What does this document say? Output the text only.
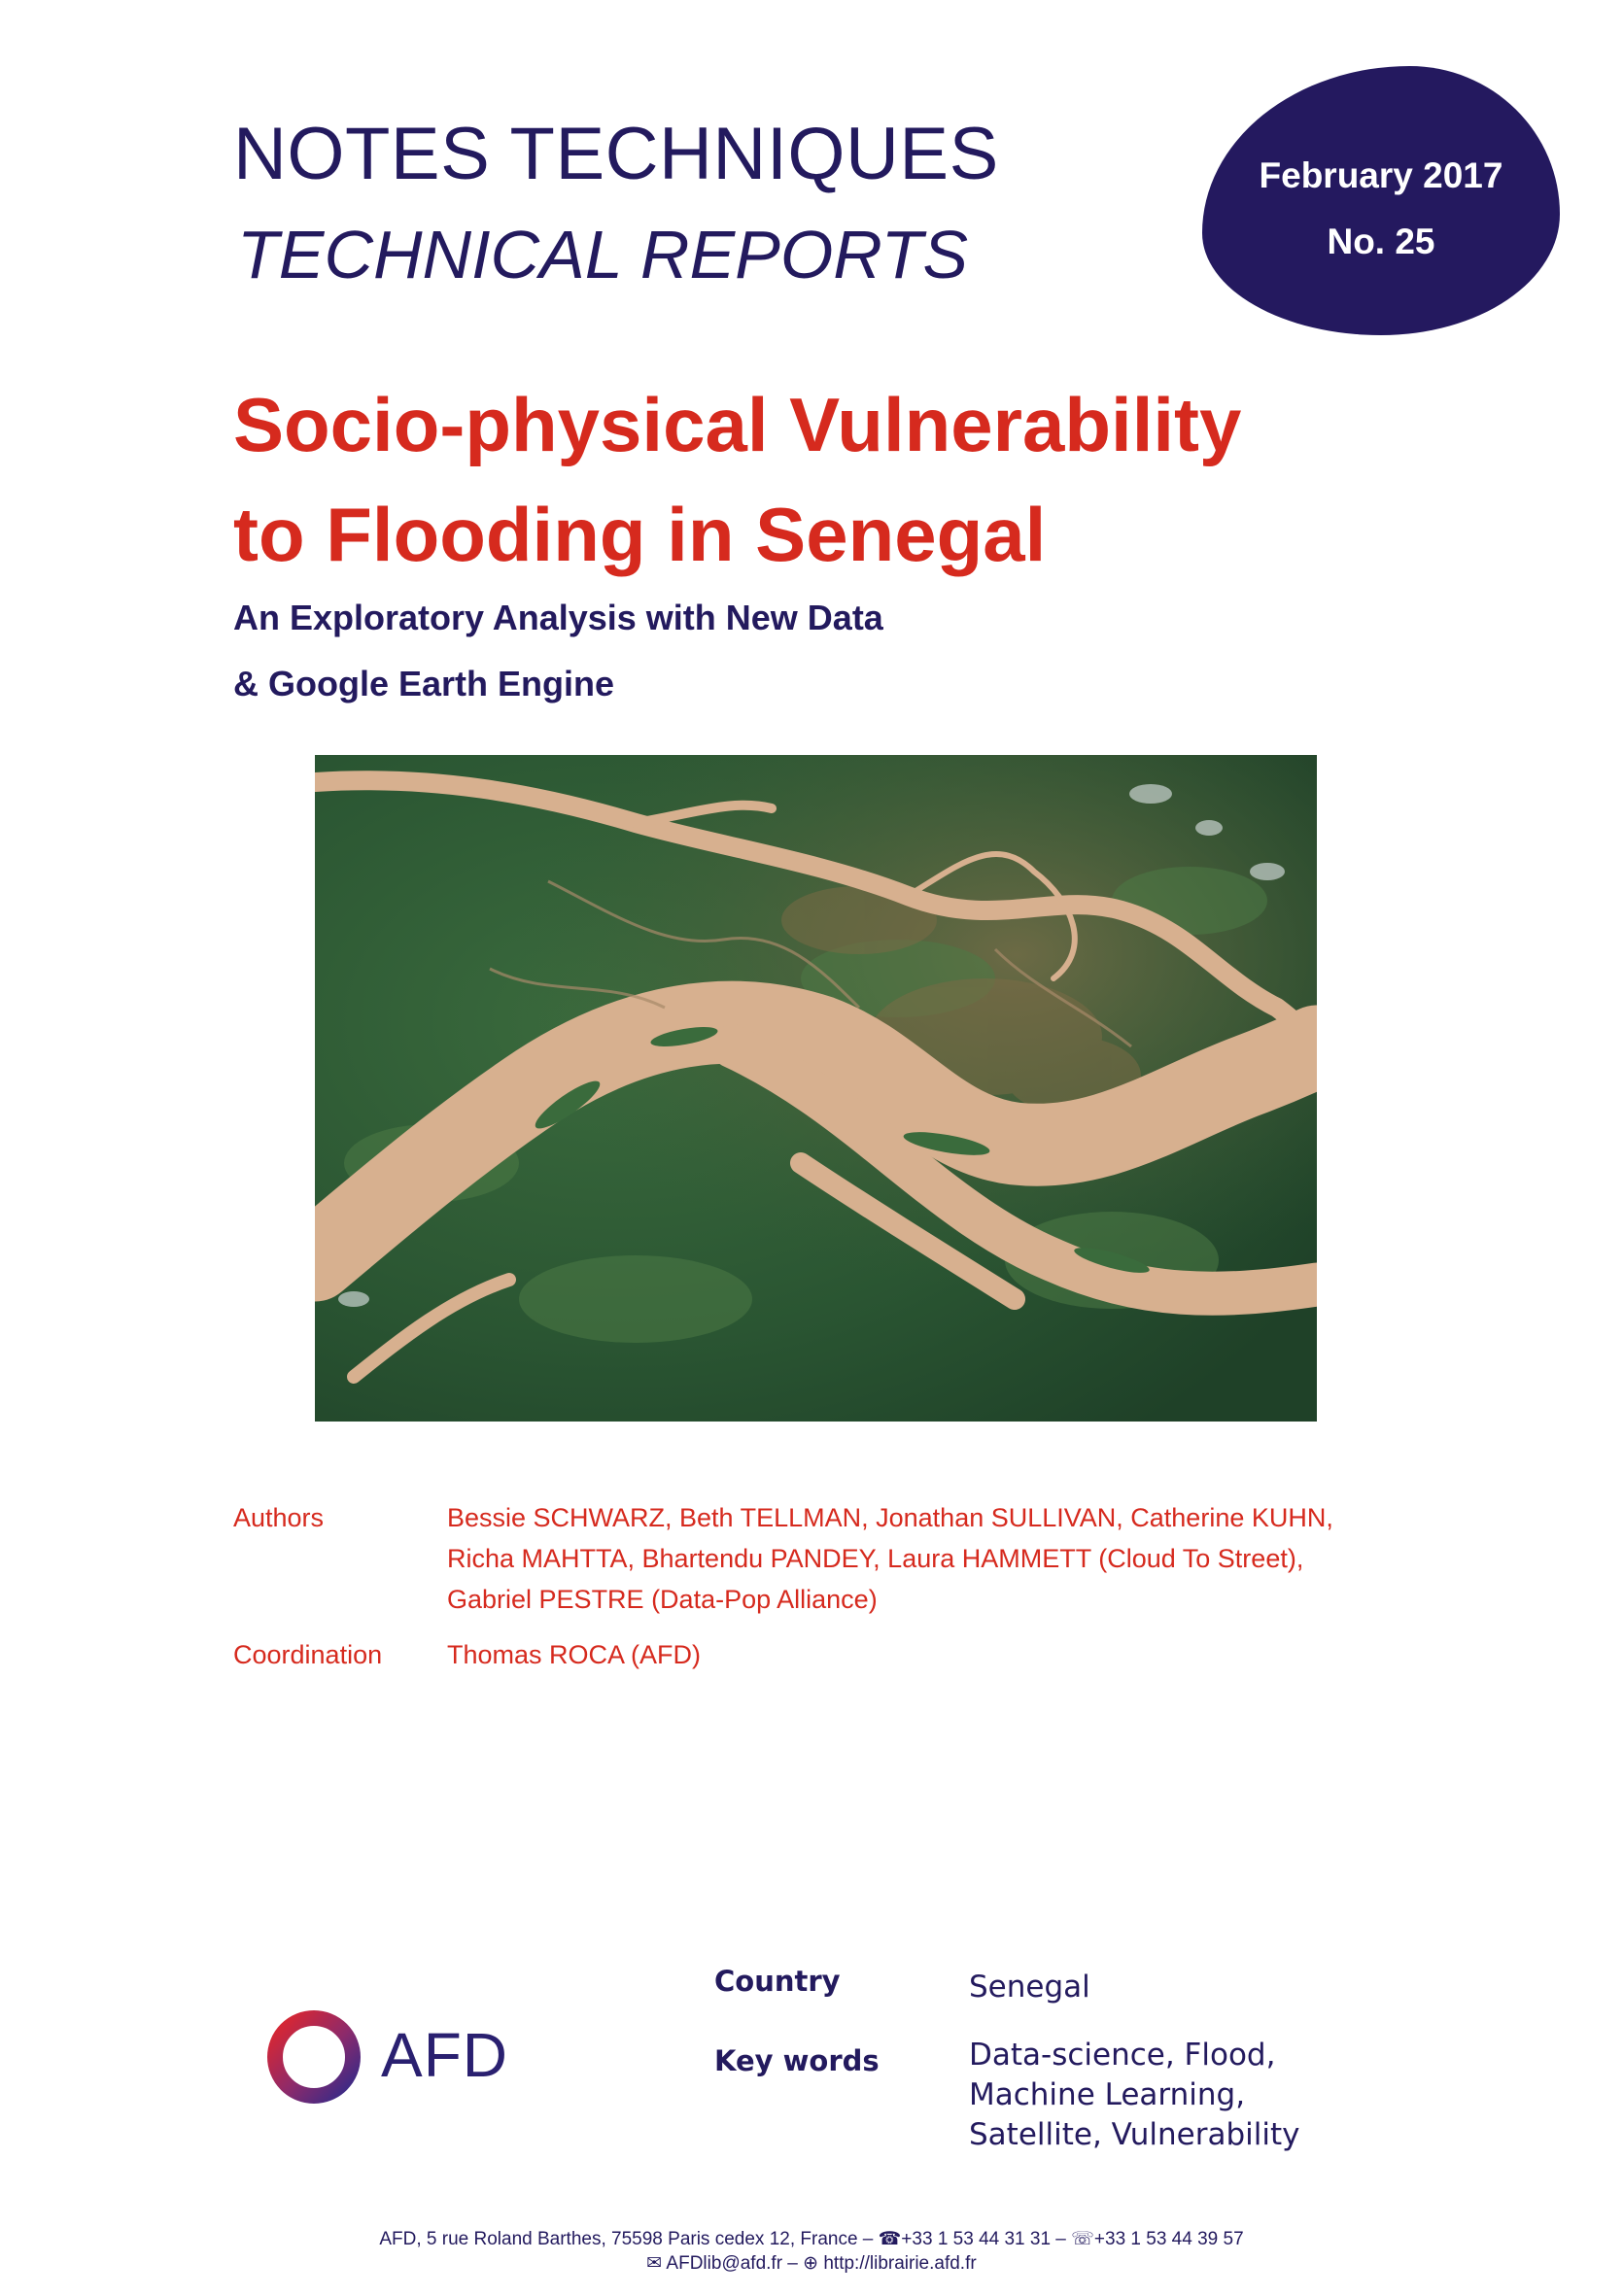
NOTES TECHNIQUES
TECHNICAL REPORTS
February 2017
No. 25
Socio-physical Vulnerability
to Flooding in Senegal
An Exploratory Analysis with New Data
& Google Earth Engine
Authors	Bessie SCHWARZ, Beth TELLMAN, Jonathan SULLIVAN, Catherine KUHN,
Richa MAHTTA, Bhartendu PANDEY, Laura HAMMETT (Cloud To Street),
Gabriel PESTRE (Data-Pop Alliance)
Coordination Thomas ROCA (AFD)
AFD
Country	Senegal
Key words	Data-science, Flood,
Machine Learning,
Satellite, Vulnerability
AFD, 5 rue Roland Barthes, 75598 Paris cedex 12, France – ☎+33 1 53 44 31 31 – ☏+33 1 53 44 39 57
✉ AFDlib@afd.fr – ⊕ http://librairie.afd.fr
